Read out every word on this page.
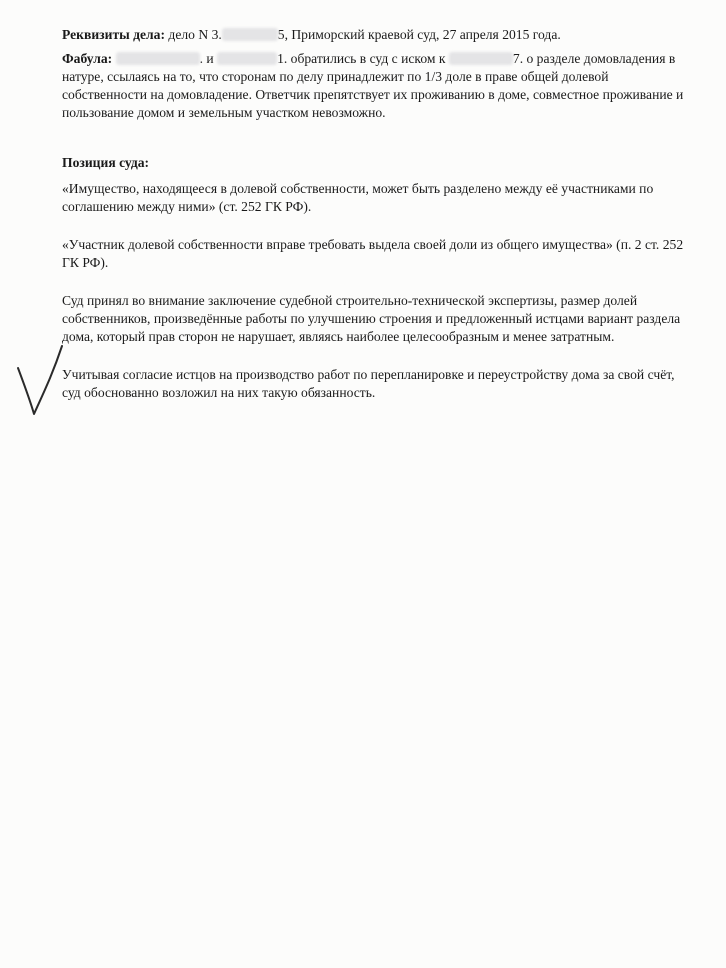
Реквизиты дела: дело N 3.	5, Приморский краевой суд, 27 апреля 2015 года.

Фабула:	. и	1. обратились в суд с иском к	7. о разделе домовладения в натуре, ссылаясь на то, что сторонам по делу принадлежит по 1/3 доле в праве общей долевой собственности на домовладение. Ответчик препятствует их проживанию в доме, совместное проживание и пользование домом и земельным участком невозможно.

Позиция суда:

«Имущество, находящееся в долевой собственности, может быть разделено между её участниками по соглашению между ними» (ст. 252 ГК РФ).

«Участник долевой собственности вправе требовать выдела своей доли из общего имущества» (п. 2 ст. 252 ГК РФ).

Суд принял во внимание заключение судебной строительно-технической экспертизы, размер долей собственников, произведённые работы по улучшению строения и предложенный истцами вариант раздела дома, который прав сторон не нарушает, являясь наиболее целесообразным и менее затратным.

Учитывая согласие истцов на производство работ по перепланировке и переустройству дома за свой счёт, суд обоснованно возложил на них такую обязанность.
